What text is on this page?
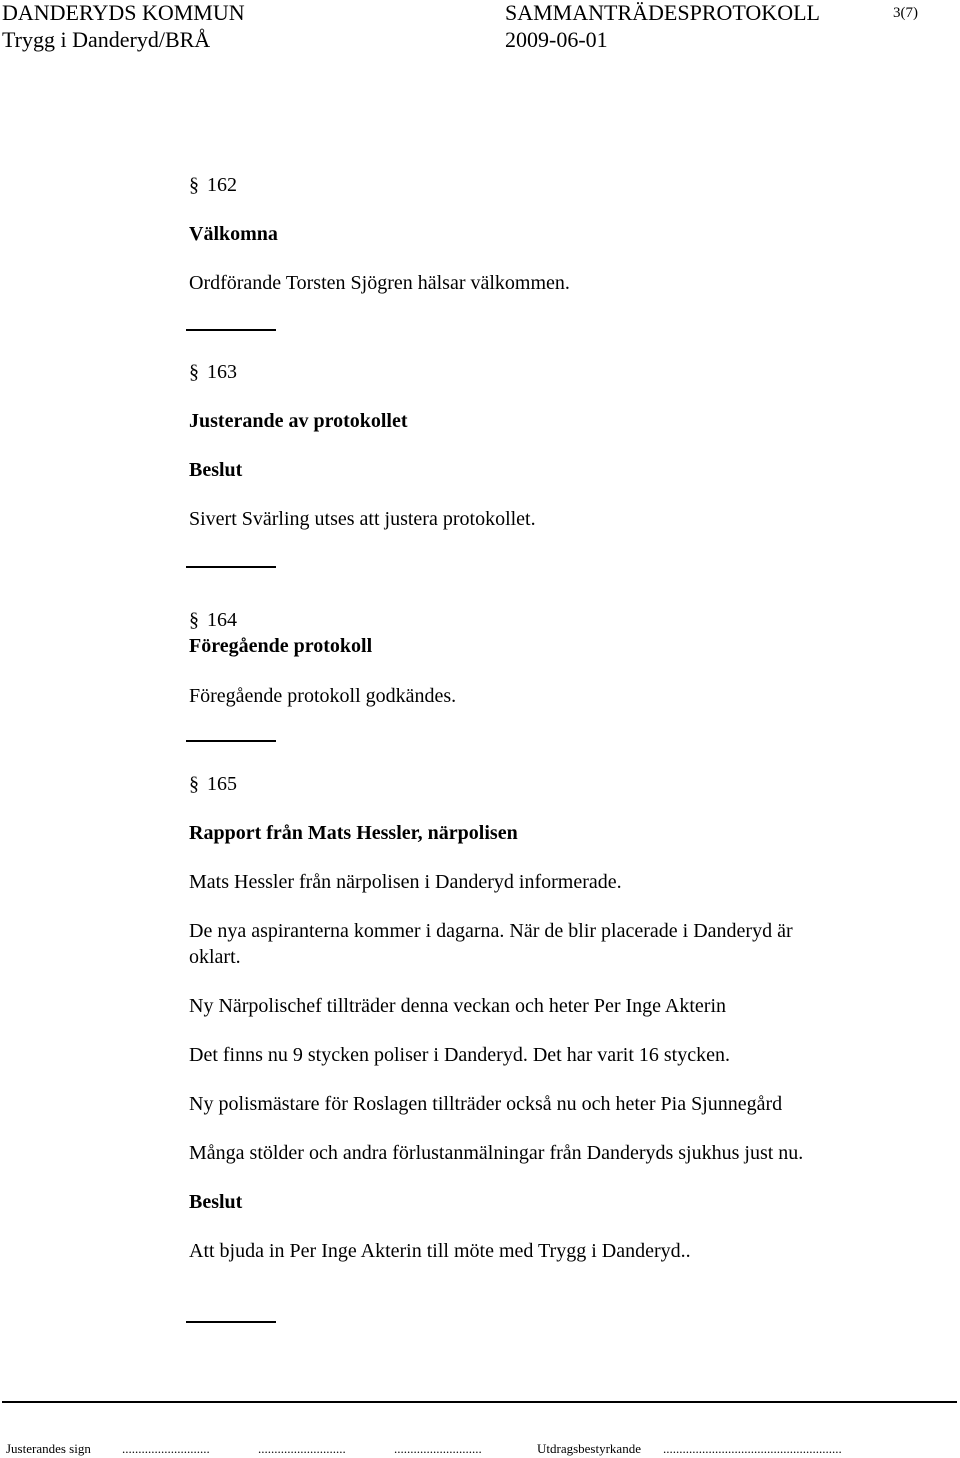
DANDERYDS KOMMUN
Trygg i Danderyd/BRÅ
SAMMANTRÄDESPROTOKOLL
2009-06-01
3(7)
§ 162
Välkomna
Ordförande Torsten Sjögren hälsar välkommen.
§ 163
Justerande av protokollet
Beslut
Sivert Svärling utses att justera protokollet.
§ 164
Föregående protokoll
Föregående protokoll godkändes.
§ 165
Rapport från Mats Hessler, närpolisen
Mats Hessler från närpolisen i Danderyd informerade.
De nya aspiranterna kommer i dagarna. När de blir placerade i Danderyd är
oklart.
Ny Närpolischef tillträder denna veckan och heter Per Inge Akterin
Det finns nu 9 stycken poliser i Danderyd. Det har varit 16 stycken.
Ny polismästare för Roslagen tillträder också nu och heter Pia Sjunnegård
Många stölder och andra förlustanmälningar från Danderyds sjukhus just nu.
Beslut
Att bjuda in Per Inge Akterin till möte med Trygg i Danderyd..
Justerandes sign ...........................	...........................	...........................	Utdragsbestyrkande .......................................................
